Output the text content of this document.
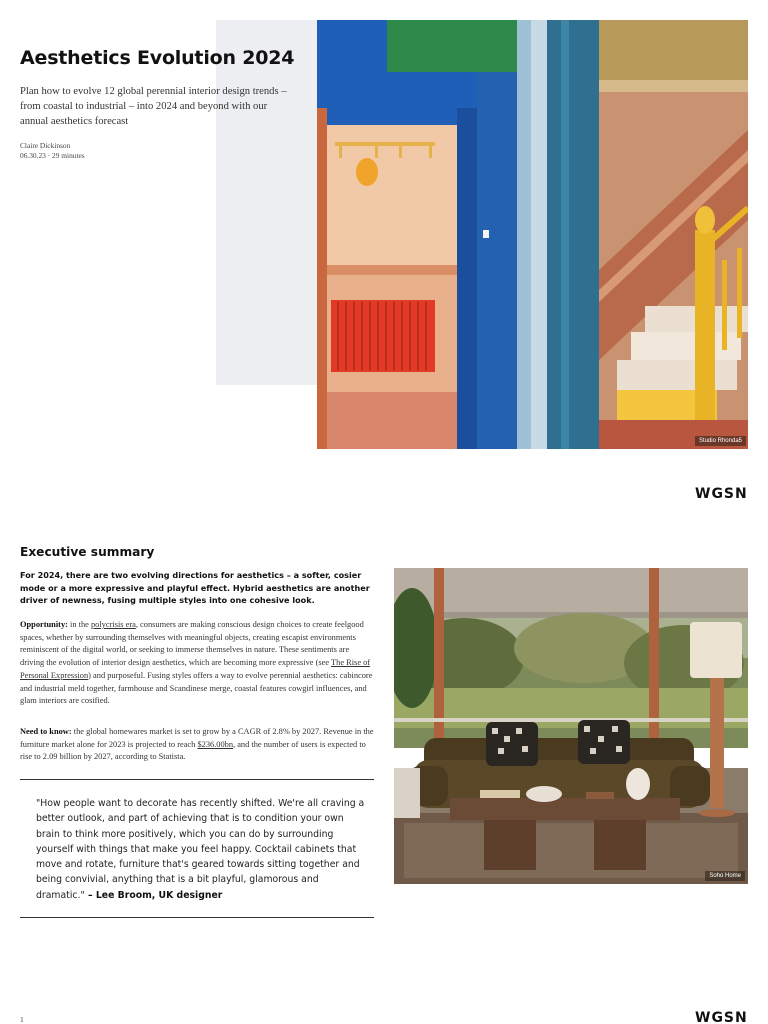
Aesthetics Evolution 2024

Plan how to evolve 12 global perennial interior design trends – from coastal to industrial – into 2024 and beyond with our annual aesthetics forecast

Claire Dickinson
06.30.23 · 29 minutes
Studio Rhonda5
WGSN
Executive summary

For 2024, there are two evolving directions for aesthetics – a softer, cosier mode or a more expressive and playful effect. Hybrid aesthetics are another driver of newness, fusing multiple styles into one cohesive look.

Opportunity: in the polycrisis era, consumers are making conscious design choices to create feelgood spaces, whether by surrounding themselves with meaningful objects, creating escapist environments reminiscent of the digital world, or seeking to immerse themselves in nature. These sentiments are driving the evolution of interior design aesthetics, which are becoming more expressive (see The Rise of Personal Expression) and purposeful. Fusing styles offers a way to evolve perennial aesthetics: cabincore and industrial meld together, farmhouse and Scandinese merge, coastal features cowgirl influences, and glam interiors are cosified.

Need to know: the global homewares market is set to grow by a CAGR of 2.8% by 2027. Revenue in the furniture market alone for 2023 is projected to reach $236.00bn, and the number of users is expected to rise to 2.09 billion by 2027, according to Statista.

"How people want to decorate has recently shifted. We're all craving a better outlook, and part of achieving that is to condition your own brain to think more positively, which you can do by surrounding yourself with things that make you feel happy. Cocktail cabinets that move and rotate, furniture that's geared towards sitting together and being convivial, anything that is a bit playful, glamorous and dramatic." – Lee Broom, UK designer

Soho Home
1	WGSN
